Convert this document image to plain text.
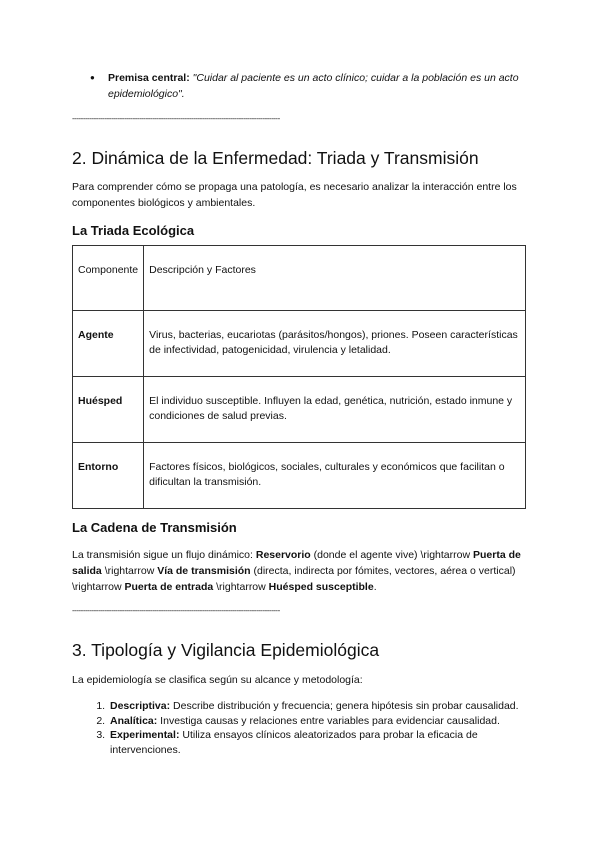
● Premisa central: "Cuidar al paciente es un acto clínico; cuidar a la población es un acto epidemiológico".
------------------------------------------------------------------------------------------------
2. Dinámica de la Enfermedad: Triada y Transmisión

Para comprender cómo se propaga una patología, es necesario analizar la interacción entre los componentes biológicos y ambientales.

La Triada Ecológica
Componente	Descripción y Factores
Agente	Virus, bacterias, eucariotas (parásitos/hongos), priones. Poseen características de infectividad, patogenicidad, virulencia y letalidad.
Huésped	El individuo susceptible. Influyen la edad, genética, nutrición, estado inmune y condiciones de salud previas.
Entorno	Factores físicos, biológicos, sociales, culturales y económicos que facilitan o dificultan la transmisión.
La Cadena de Transmisión

La transmisión sigue un flujo dinámico: Reservorio (donde el agente vive) \rightarrow Puerta de salida \rightarrow Vía de transmisión (directa, indirecta por fómites, vectores, aérea o vertical) \rightarrow Puerta de entrada \rightarrow Huésped susceptible.

------------------------------------------------------------------------------------------------
3. Tipología y Vigilancia Epidemiológica

La epidemiología se clasifica según su alcance y metodología:

1. Descriptiva: Describe distribución y frecuencia; genera hipótesis sin probar causalidad.
2. Analítica: Investiga causas y relaciones entre variables para evidenciar causalidad.
3. Experimental: Utiliza ensayos clínicos aleatorizados para probar la eficacia de intervenciones.
